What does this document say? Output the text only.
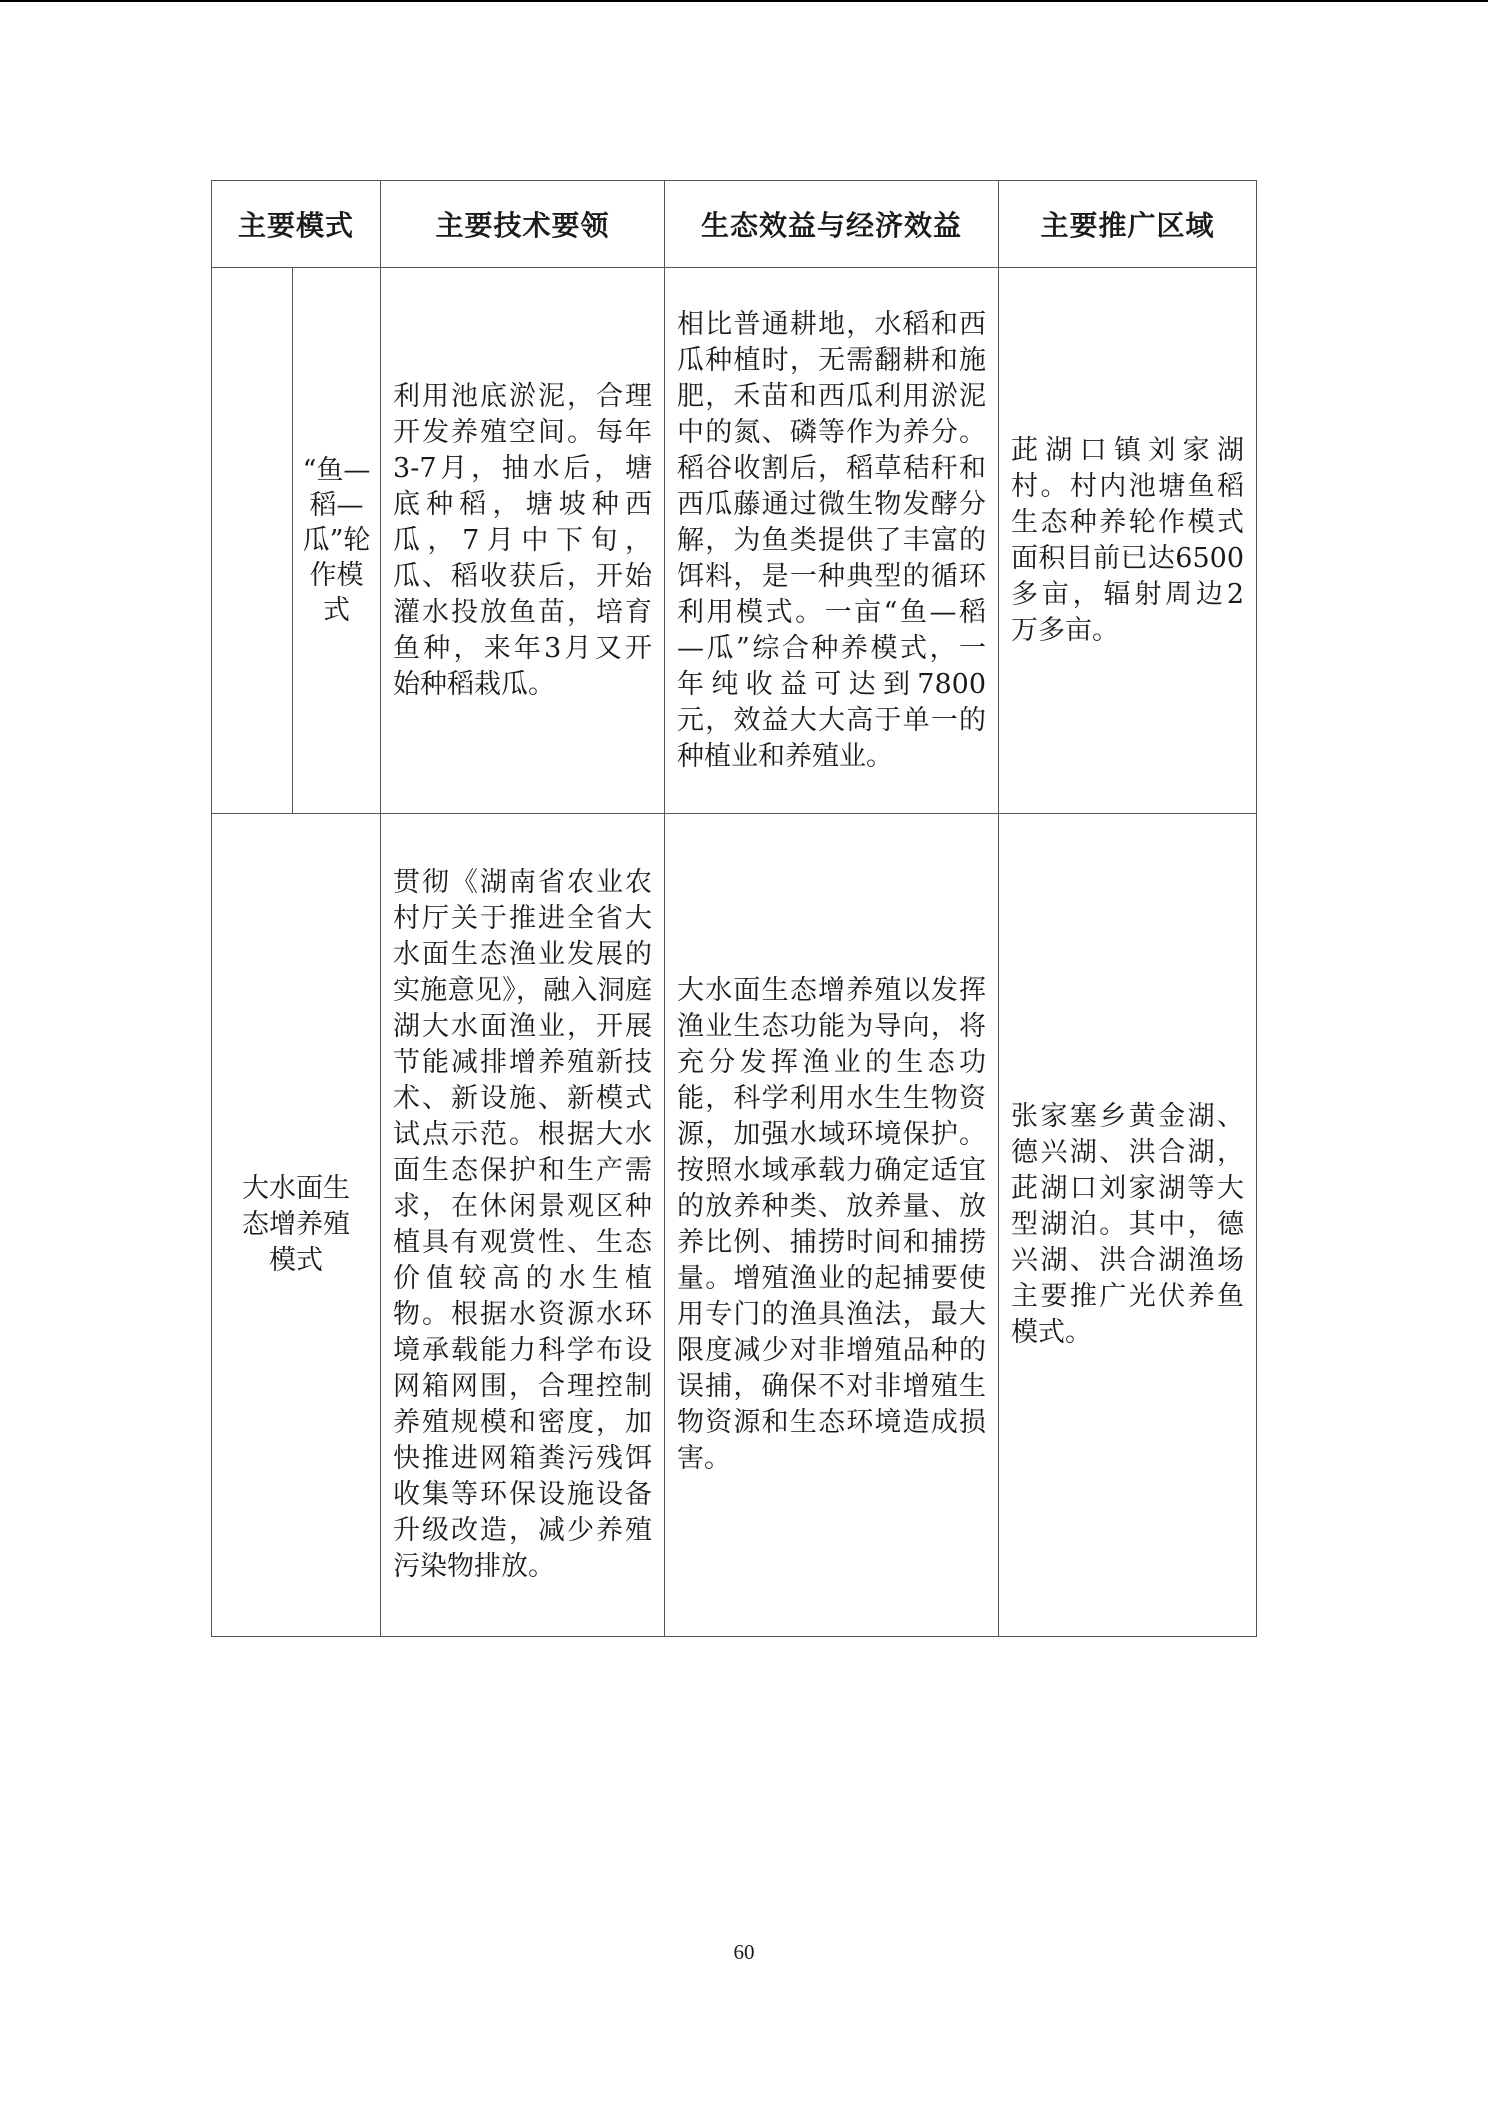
主要模式		主要技术要领	生态效益与经济效益	主要推广区域
	“鱼—稻—瓜”轮作模式	利用池底淤泥，合理开发养殖空间。每年3-7月，抽水后，塘底种稻，塘坡种西瓜，7月中下旬，瓜、稻收获后，开始灌水投放鱼苗，培育鱼种，来年3月又开始种稻栽瓜。	相比普通耕地，水稻和西瓜种植时，无需翻耕和施肥，禾苗和西瓜利用淤泥中的氮、磷等作为养分。稻谷收割后，稻草秸秆和西瓜藤通过微生物发酵分解，为鱼类提供了丰富的饵料，是一种典型的循环利用模式。一亩“鱼—稻—瓜”综合种养模式，一年纯收益可达到7800元，效益大大高于单一的种植业和养殖业。	茈湖口镇刘家湖村。村内池塘鱼稻生态种养轮作模式面积目前已达6500多亩，辐射周边2万多亩。
大水面生态增养殖模式		贯彻《湖南省农业农村厅关于推进全省大水面生态渔业发展的实施意见》，融入洞庭湖大水面渔业，开展节能减排增养殖新技术、新设施、新模式试点示范。根据大水面生态保护和生产需求，在休闲景观区种植具有观赏性、生态价值较高的水生植物。根据水资源水环境承载能力科学布设网箱网围，合理控制养殖规模和密度，加快推进网箱粪污残饵收集等环保设施设备升级改造，减少养殖污染物排放。	大水面生态增养殖以发挥渔业生态功能为导向，将充分发挥渔业的生态功能，科学利用水生生物资源，加强水域环境保护。按照水域承载力确定适宜的放养种类、放养量、放养比例、捕捞时间和捕捞量。增殖渔业的起捕要使用专门的渔具渔法，最大限度减少对非增殖品种的误捕，确保不对非增殖生物资源和生态环境造成损害。	张家塞乡黄金湖、德兴湖、洪合湖，茈湖口刘家湖等大型湖泊。其中，德兴湖、洪合湖渔场主要推广光伏养鱼模式。
60
